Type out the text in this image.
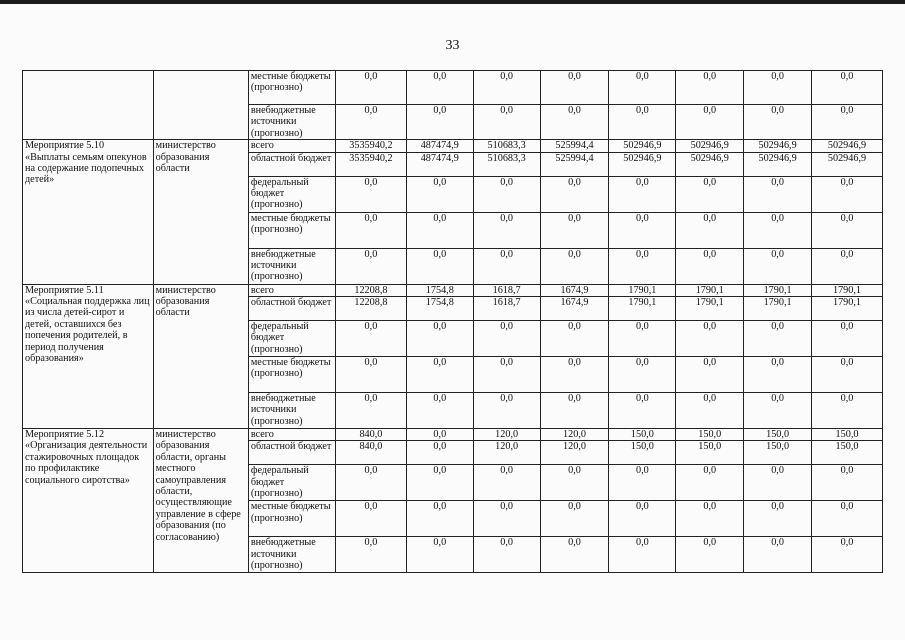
33
		местные бюджеты (прогнозно)	0,0	0,0	0,0	0,0	0,0	0,0	0,0	0,0
		внебюджетные источники (прогнозно)	0,0	0,0	0,0	0,0	0,0	0,0	0,0	0,0
Мероприятие 5.10 «Выплаты семьям опекунов на содержание подопечных детей»	министерство образования области	всего	3535940,2	487474,9	510683,3	525994,4	502946,9	502946,9	502946,9	502946,9
		областной бюджет	3535940,2	487474,9	510683,3	525994,4	502946,9	502946,9	502946,9	502946,9
		федеральный бюджет (прогнозно)	0,0	0,0	0,0	0,0	0,0	0,0	0,0	0,0
		местные бюджеты (прогнозно)	0,0	0,0	0,0	0,0	0,0	0,0	0,0	0,0
		внебюджетные источники (прогнозно)	0,0	0,0	0,0	0,0	0,0	0,0	0,0	0,0
Мероприятие 5.11 «Социальная поддержка лиц из числа детей-сирот и детей, оставшихся без попечения родителей, в период получения образования»	министерство образования области	всего	12208,8	1754,8	1618,7	1674,9	1790,1	1790,1	1790,1	1790,1
		областной бюджет	12208,8	1754,8	1618,7	1674,9	1790,1	1790,1	1790,1	1790,1
		федеральный бюджет (прогнозно)	0,0	0,0	0,0	0,0	0,0	0,0	0,0	0,0
		местные бюджеты (прогнозно)	0,0	0,0	0,0	0,0	0,0	0,0	0,0	0,0
		внебюджетные источники (прогнозно)	0,0	0,0	0,0	0,0	0,0	0,0	0,0	0,0
Мероприятие 5.12 «Организация деятельности стажировочных площадок по профилактике социального сиротства»	министерство образования области, органы местного самоуправления области, осуществляющие управление в сфере образования (по согласованию)	всего	840,0	0,0	120,0	120,0	150,0	150,0	150,0	150,0
		областной бюджет	840,0	0,0	120,0	120,0	150,0	150,0	150,0	150,0
		федеральный бюджет (прогнозно)	0,0	0,0	0,0	0,0	0,0	0,0	0,0	0,0
		местные бюджеты (прогнозно)	0,0	0,0	0,0	0,0	0,0	0,0	0,0	0,0
		внебюджетные источники (прогнозно)	0,0	0,0	0,0	0,0	0,0	0,0	0,0	0,0
